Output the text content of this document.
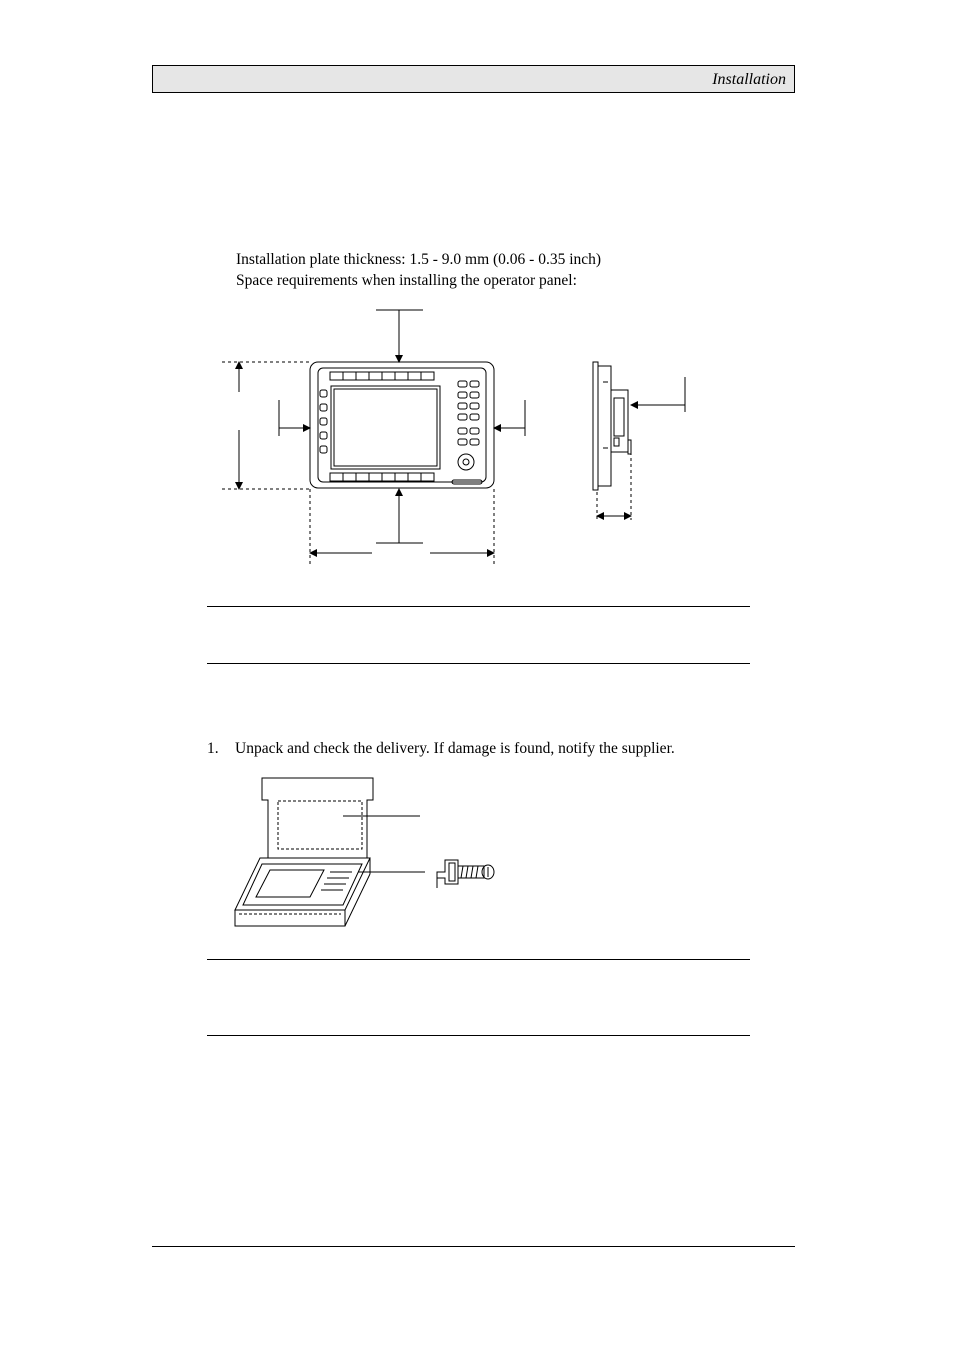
Installation
Installation plate thickness: 1.5 - 9.0 mm (0.06 - 0.35 inch)
Space requirements when installing the operator panel:
1. Unpack and check the delivery. If damage is found, notify the supplier.
